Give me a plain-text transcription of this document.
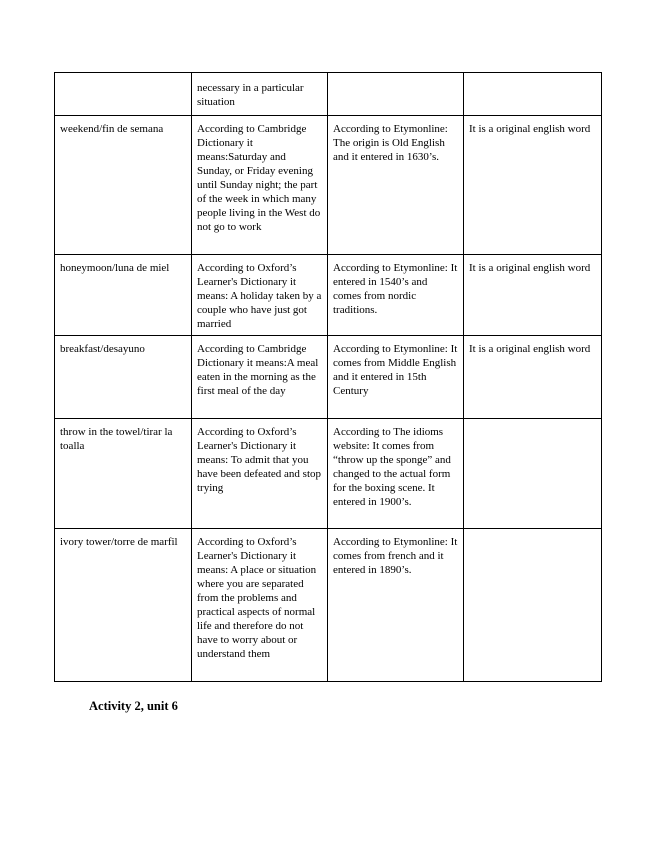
	necessary in a particular situation		
weekend/fin de semana	According to Cambridge Dictionary it means:Saturday and Sunday, or Friday evening until Sunday night; the part of the week in which many people living in the West do not go to work	According to Etymonline: The origin is Old English and it entered in 1630’s.	It is a original english word
honeymoon/luna de miel	According to Oxford’s Learner's Dictionary it means: A holiday taken by a couple who have just got married	According to Etymonline: It entered in 1540’s and comes from nordic traditions.	It is a original english word
breakfast/desayuno	According to Cambridge Dictionary it means:A meal eaten in the morning as the first meal of the day	According to Etymonline: It comes from Middle English and it entered in 15th Century	It is a original english word
throw in the towel/tirar la toalla	According to Oxford’s Learner's Dictionary it means: To admit that you have been defeated and stop trying	According to The idioms website: It comes from “throw up the sponge” and changed to the actual form for the boxing scene. It entered in 1900’s.	
ivory tower/torre de marfil	According to Oxford’s Learner's Dictionary it means: A place or situation where you are separated from the problems and practical aspects of normal life and therefore do not have to worry about or understand them	According to Etymonline: It comes from french and it entered in 1890’s.	
Activity 2, unit 6
